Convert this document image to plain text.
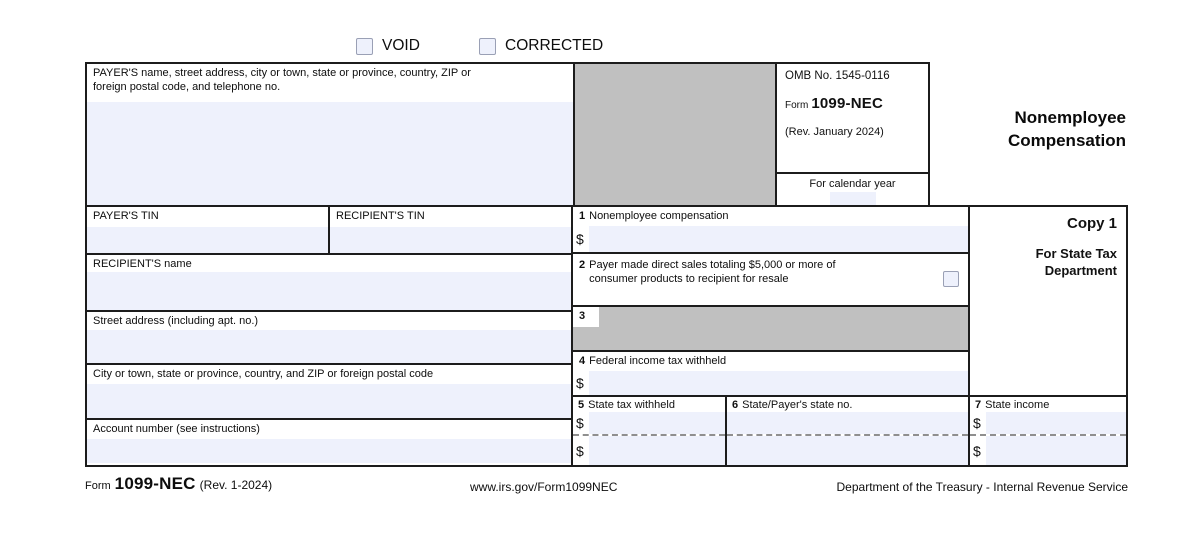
VOID	CORRECTED
PAYER'S name, street address, city or town, state or province, country, ZIP or foreign postal code, and telephone no.
OMB No. 1545-0116
Form 1099-NEC
(Rev. January 2024)
For calendar year
Nonemployee
Compensation
PAYER'S TIN	RECIPIENT'S TIN	1 Nonemployee compensation
$
Copy 1
For State Tax
Department
RECIPIENT'S name	2 Payer made direct sales totaling $5,000 or more of consumer products to recipient for resale
Street address (including apt. no.)	3
City or town, state or province, country, and ZIP or foreign postal code
4 Federal income tax withheld
$
Account number (see instructions)
5 State tax withheld
$
$
6 State/Payer's state no.	7 State income
$
$
Form 1099-NEC (Rev. 1-2024)	www.irs.gov/Form1099NEC	Department of the Treasury - Internal Revenue Service
